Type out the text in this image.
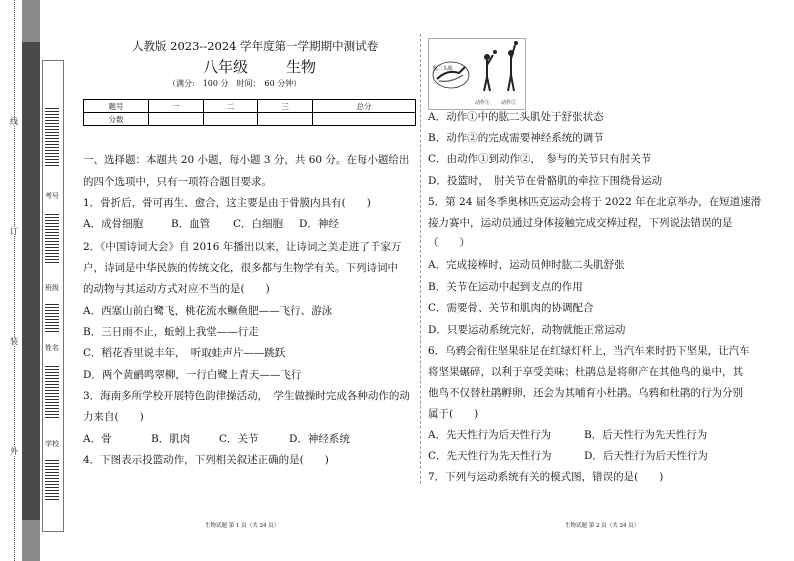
线
订
装
外
考号
班级
姓名
学校
人教版 2023--2024 学年度第一学期期中测试卷
八年级	生物
（满分:　100 分　时间：　60 分钟）
题号	一	二	三	总分
分数				
一、选择题：本题共 20 小题，每小题 3 分，共 60 分。在每小题给出
的四个选项中，只有一项符合题目要求。
1．骨折后，骨可再生、愈合，这主要是由于骨膜内具有(　　)
A．成骨细胞	B．血管 C．白细胞 D．神经
2．《中国诗词大会》自 2016 年播出以来，让诗词之美走进了千家万
户，诗词是中华民族的传统文化，很多都与生物学有关。下列诗词中
的动物与其运动方式对应不当的是(　　)
A．西塞山前白鹭飞，桃花流水鳜鱼肥——飞行、游泳
B．三日雨不止，蚯蚓上我堂——行走
C．稻花香里说丰年，　听取蛙声片——跳跃
D．两个黄鹂鸣翠柳，一行白鹭上青天——飞行
3．海南多所学校开展特色韵律操活动，　学生做操时完成各种动作的动
力来自(　　)
A．骨	B．肌肉	C．关节	D．神经系统
4．下图表示投篮动作，下列相关叙述正确的是(　　)
生物试题 第 1 页（共 24 页）
肱二头肌
动作① 动作②
A．动作①中的肱二头肌处于舒张状态
B．动作②的完成需要神经系统的调节
C．由动作①到动作②，　参与的关节只有肘关节
D．投篮时，　肘关节在骨骼肌的牵拉下围绕骨运动
5．第 24 届冬季奥林匹克运动会将于 2022 年在北京举办，在短道速滑
接力赛中，运动员通过身体接触完成交棒过程，下列说法错误的是
（　　）
A．完成接棒时，运动员伸时肱二头肌舒张
B．关节在运动中起到支点的作用
C．需要骨、关节和肌肉的协调配合
D．只要运动系统完好，动物就能正常运动
6．乌鸦会衔住坚果驻足在红绿灯杆上，当汽车来时扔下坚果，让汽车
将坚果碾碎，以利于享受美味；杜鹃总是将卵产在其他鸟的巢中，其
他鸟不仅替杜鹃孵卵，还会为其哺育小杜鹃。乌鸦和杜鹃的行为分别
属于(　　)
A．先天性行为后天性行为	B．后天性行为先天性行为
C．先天性行为先天性行为	D．后天性行为后天性行为
7．下列与运动系统有关的模式图，错误的是(　　)
生物试题 第 2 页（共 24 页）
